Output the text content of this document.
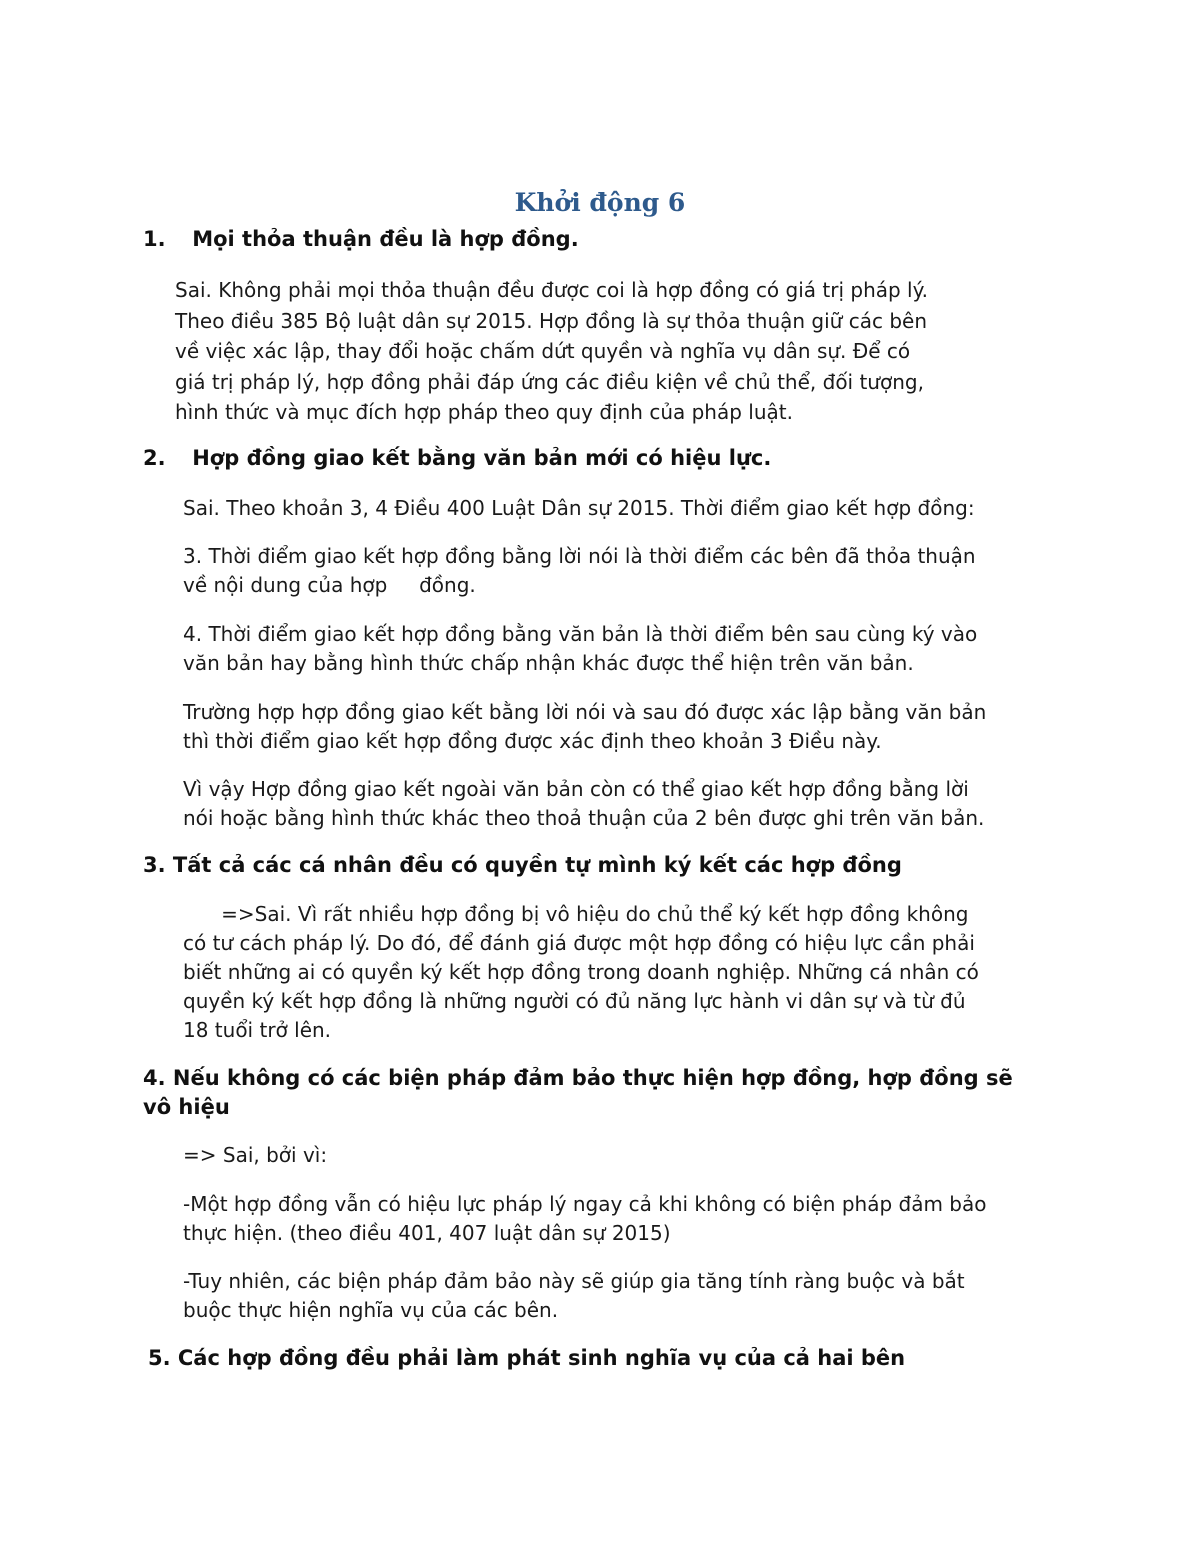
Khởi động 6
1. Mọi thỏa thuận đều là hợp đồng.
Sai. Không phải mọi thỏa thuận đều được coi là hợp đồng có giá trị pháp lý.
Theo điều 385 Bộ luật dân sự 2015. Hợp đồng là sự thỏa thuận giữ các bên
về việc xác lập, thay đổi hoặc chấm dứt quyền và nghĩa vụ dân sự. Để có
giá trị pháp lý, hợp đồng phải đáp ứng các điều kiện về chủ thể, đối tượng,
hình thức và mục đích hợp pháp theo quy định của pháp luật.
2. Hợp đồng giao kết bằng văn bản mới có hiệu lực.
Sai. Theo khoản 3, 4 Điều 400 Luật Dân sự 2015. Thời điểm giao kết hợp đồng:
3. Thời điểm giao kết hợp đồng bằng lời nói là thời điểm các bên đã thỏa thuận
về nội dung của hợp     đồng.
4. Thời điểm giao kết hợp đồng bằng văn bản là thời điểm bên sau cùng ký vào
văn bản hay bằng hình thức chấp nhận khác được thể hiện trên văn bản.
Trường hợp hợp đồng giao kết bằng lời nói và sau đó được xác lập bằng văn bản
thì thời điểm giao kết hợp đồng được xác định theo khoản 3 Điều này.
Vì vậy Hợp đồng giao kết ngoài văn bản còn có thể giao kết hợp đồng bằng lời
nói hoặc bằng hình thức khác theo thoả thuận của 2 bên được ghi trên văn bản.
3. Tất cả các cá nhân đều có quyền tự mình ký kết các hợp đồng
=>Sai. Vì rất nhiều hợp đồng bị vô hiệu do chủ thể ký kết hợp đồng không
có tư cách pháp lý. Do đó, để đánh giá được một hợp đồng có hiệu lực cần phải
biết những ai có quyền ký kết hợp đồng trong doanh nghiệp. Những cá nhân có
quyền ký kết hợp đồng là những người có đủ năng lực hành vi dân sự và từ đủ
18 tuổi trở lên.
4. Nếu không có các biện pháp đảm bảo thực hiện hợp đồng, hợp đồng sẽ
vô hiệu
=> Sai, bởi vì:
-Một hợp đồng vẫn có hiệu lực pháp lý ngay cả khi không có biện pháp đảm bảo
thực hiện. (theo điều 401, 407 luật dân sự 2015)
-Tuy nhiên, các biện pháp đảm bảo này sẽ giúp gia tăng tính ràng buộc và bắt
buộc thực hiện nghĩa vụ của các bên.
5. Các hợp đồng đều phải làm phát sinh nghĩa vụ của cả hai bên
